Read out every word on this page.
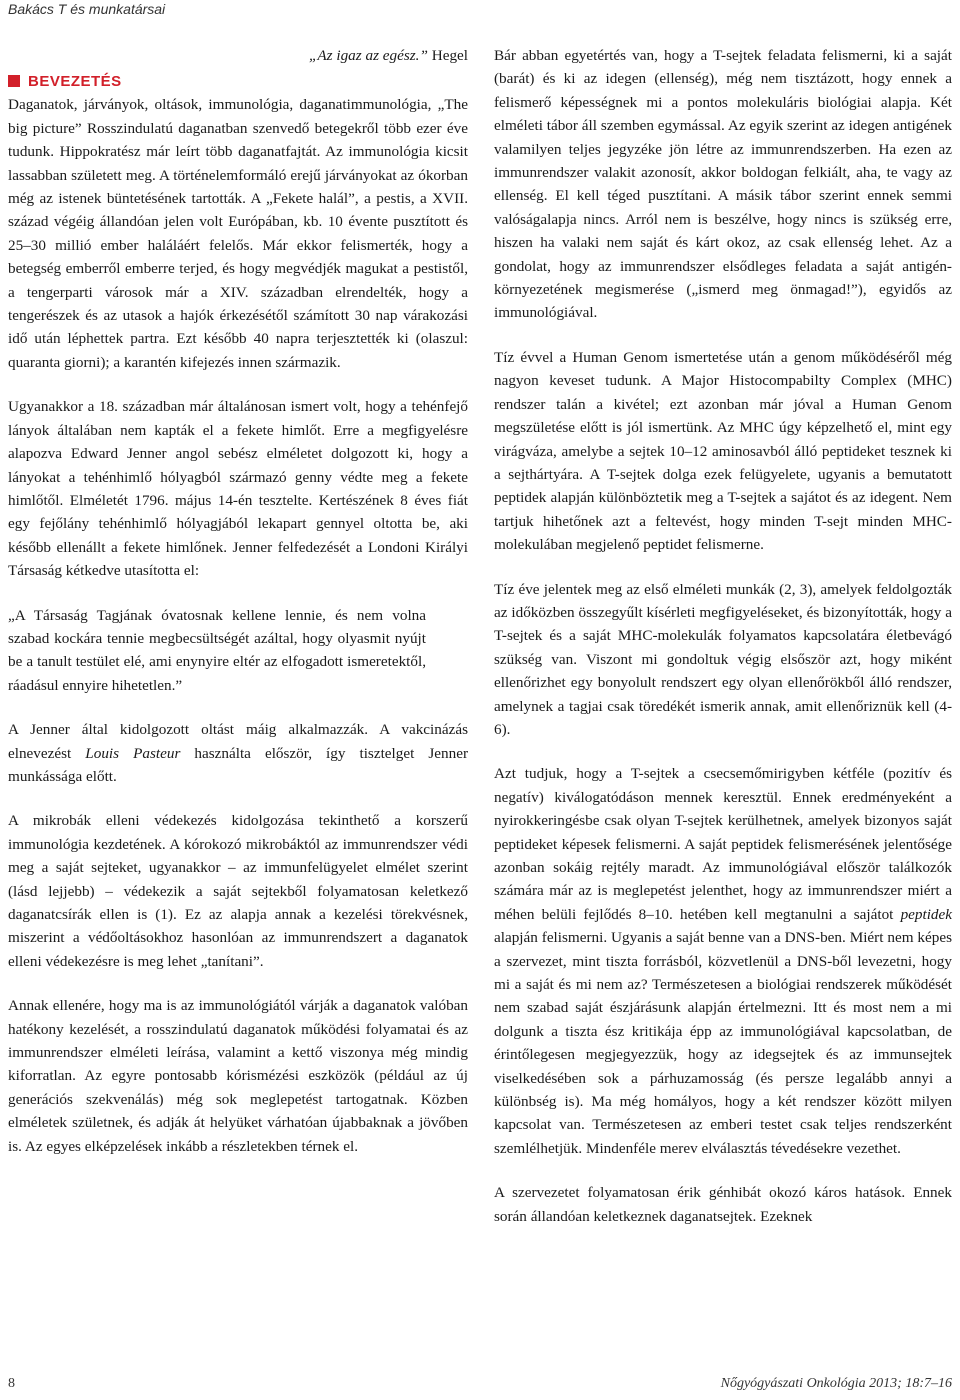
Bakács T és munkatársai
„Az igaz az egész.” Hegel
BEVEZETÉS

Daganatok, járványok, oltások, immunológia, daganatimmunológia, „The big picture” Rosszindulatú daganatban szenvedő betegekről több ezer éve tudunk. Hippokratész már leírt több daganatfajtát. Az immunológia kicsit lassabban született meg. A történelemformáló erejű járványokat az ókorban még az istenek büntetésének tartották. A „Fekete halál”, a pestis, a XVII. század végéig állandóan jelen volt Európában, kb. 10 évente pusztított és 25–30 millió ember haláláért felelős. Már ekkor felismerték, hogy a betegség emberről emberre terjed, és hogy megvédjék magukat a pestistől, a tengerparti városok már a XIV. században elrendelték, hogy a tengerészek és az utasok a hajók érkezésétől számított 30 nap várakozási idő után léphettek partra. Ezt később 40 napra terjesztették ki (olaszul: quaranta giorni); a karantén kifejezés innen származik.

Ugyanakkor a 18. században már általánosan ismert volt, hogy a tehénfejő lányok általában nem kapták el a fekete himlőt. Erre a megfigyelésre alapozva Edward Jenner angol sebész elméletet dolgozott ki, hogy a lányokat a tehénhimlő hólyagból származó genny védte meg a fekete himlőtől. Elméletét 1796. május 14-én tesztelte. Kertészének 8 éves fiát egy fejőlány tehénhimlő hólyagjából lekapart gennyel oltotta be, aki később ellenállt a fekete himlőnek. Jenner felfedezését a Londoni Királyi Társaság kétkedve utasította el:

„A Társaság Tagjának óvatosnak kellene lennie, és nem volna szabad kockára tennie megbecsültségét azáltal, hogy olyasmit nyújt be a tanult testület elé, ami enynyire eltér az elfogadott ismeretektől, ráadásul ennyire hihetetlen.”

A Jenner által kidolgozott oltást máig alkalmazzák. A vakcinázás elnevezést Louis Pasteur használta először, így tisztelget Jenner munkássága előtt.

A mikrobák elleni védekezés kidolgozása tekinthető a korszerű immunológia kezdetének. A kórokozó mikrobáktól az immunrendszer védi meg a saját sejteket, ugyanakkor – az immunfelügyelet elmélet szerint (lásd lejjebb) – védekezik a saját sejtekből folyamatosan keletkező daganatcsírák ellen is (1). Ez az alapja annak a kezelési törekvésnek, miszerint a védőoltásokhoz hasonlóan az immunrendszert a daganatok elleni védekezésre is meg lehet „tanítani”.

Annak ellenére, hogy ma is az immunológiától várják a daganatok valóban hatékony kezelését, a rosszindulatú daganatok működési folyamatai és az immunrendszer elméleti leírása, valamint a kettő viszonya még mindig kiforratlan. Az egyre pontosabb kórismézési eszközök (például az új generációs szekvenálás) még sok meglepetést tartogatnak. Közben elméletek születnek, és adják át helyüket várhatóan újabbaknak a jövőben is. Az egyes elképzelések inkább a részletekben térnek el.

Bár abban egyetértés van, hogy a T-sejtek feladata felismerni, ki a saját (barát) és ki az idegen (ellenség), még nem tisztázott, hogy ennek a felismerő képességnek mi a pontos molekuláris biológiai alapja. Két elméleti tábor áll szemben egymással. Az egyik szerint az idegen antigének valamilyen teljes jegyzéke jön létre az immunrendszerben. Ha ezen az immunrendszer valakit azonosít, akkor boldogan felkiált, aha, te vagy az ellenség. El kell téged pusztítani. A másik tábor szerint ennek semmi valóságalapja nincs. Arról nem is beszélve, hogy nincs is szükség erre, hiszen ha valaki nem saját és kárt okoz, az csak ellenség lehet. Az a gondolat, hogy az immunrendszer elsődleges feladata a saját antigén-környezetének megismerése („ismerd meg önmagad!”), egyidős az immunológiával.

Tíz évvel a Human Genom ismertetése után a genom működéséről még nagyon keveset tudunk. A Major Histocompabilty Complex (MHC) rendszer talán a kivétel; ezt azonban már jóval a Human Genom megszületése előtt is jól ismertünk. Az MHC úgy képzelhető el, mint egy virágváza, amelybe a sejtek 10–12 aminosavból álló peptideket tesznek ki a sejthártyára. A T-sejtek dolga ezek felügyelete, ugyanis a bemutatott peptidek alapján különböztetik meg a T-sejtek a sajátot és az idegent. Nem tartjuk hihetőnek azt a feltevést, hogy minden T-sejt minden MHC-molekulában megjelenő peptidet felismerne.

Tíz éve jelentek meg az első elméleti munkák (2, 3), amelyek feldolgozták az időközben összegyűlt kísérleti megfigyeléseket, és bizonyították, hogy a T-sejtek és a saját MHC-molekulák folyamatos kapcsolatára életbevágó szükség van. Viszont mi gondoltuk végig elsőször azt, hogy miként ellenőrizhet egy bonyolult rendszert egy olyan ellenőrökből álló rendszer, amelynek a tagjai csak töredékét ismerik annak, amit ellenőriznük kell (4-6).

Azt tudjuk, hogy a T-sejtek a csecsemőmirigyben kétféle (pozitív és negatív) kiválogatódáson mennek keresztül. Ennek eredményeként a nyirokkeringésbe csak olyan T-sejtek kerülhetnek, amelyek bizonyos saját peptideket képesek felismerni. A saját peptidek felismerésének jelentősége azonban sokáig rejtély maradt. Az immunológiával először találkozók számára már az is meglepetést jelenthet, hogy az immunrendszer miért a méhen belüli fejlődés 8–10. hetében kell megtanulni a sajátot peptidek alapján felismerni. Ugyanis a saját benne van a DNS-ben. Miért nem képes a szervezet, mint tiszta forrásból, közvetlenül a DNS-ből levezetni, hogy mi a saját és mi nem az? Természetesen a biológiai rendszerek működését nem szabad saját észjárásunk alapján értelmezni. Itt és most nem a mi dolgunk a tiszta ész kritikája épp az immunológiával kapcsolatban, de érintőlegesen megjegyezzük, hogy az idegsejtek és az immunsejtek viselkedésében sok a párhuzamosság (és persze legalább annyi a különbség is). Ma még homályos, hogy a két rendszer között milyen kapcsolat van. Természetesen az emberi testet csak teljes rendszerként szemlélhetjük. Mindenféle merev elválasztás tévedésekre vezethet.

A szervezetet folyamatosan érik génhibát okozó káros hatások. Ennek során állandóan keletkeznek daganatsejtek. Ezeknek

8	Nőgyógyászati Onkológia 2013; 18:7–16
